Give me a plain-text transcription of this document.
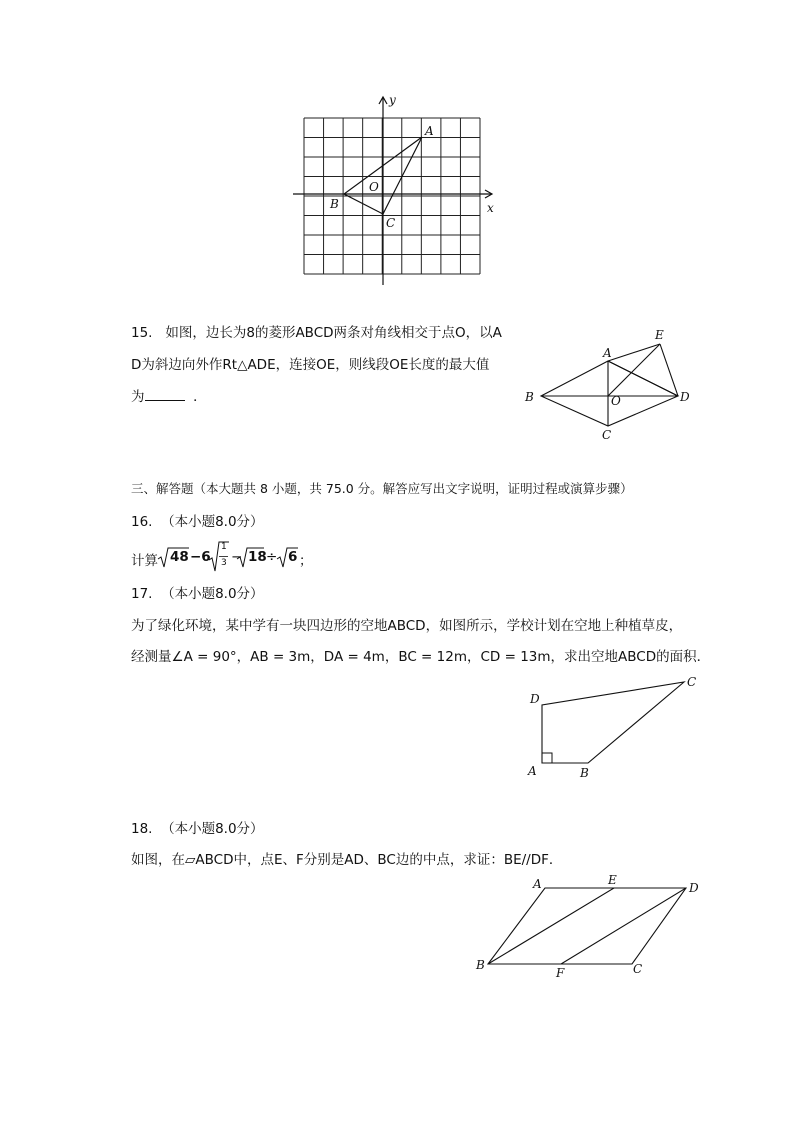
x
y
A
B
C
O
15. 如图，边长为8的菱形ABCD两条对角线相交于点O，以A
D为斜边向外作Rt△ADE，连接OE，则线段OE长度的最大值
为	．
A
B
C
D
E
O
三、解答题（本大题共 8 小题，共 75.0 分。解答应写出文字说明，证明过程或演算步骤）
16. （本小题8.0分）
计算 48 −6
1
3 − 18 ÷ 6 ；
17. （本小题8.0分）
为了绿化环境，某中学有一块四边形的空地ABCD，如图所示，学校计划在空地上种植草皮，
经测量∠A = 90°，AB = 3m，DA = 4m，BC = 12m，CD = 13m，求出空地ABCD的面积．
A	B
C
D
18. （本小题8.0分）
如图，在▱ABCD中，点E、F分别是AD、BC边的中点，求证：BE//DF．
A
B	C
D
E
F
